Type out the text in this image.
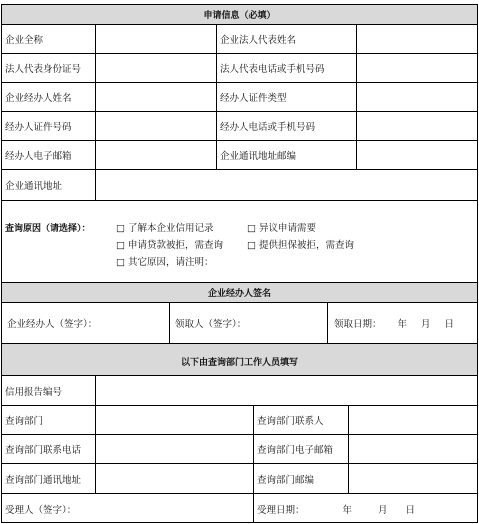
申请信息（必填）
企业全称	企业法人代表姓名
法人代表身份证号	法人代表电话或手机号码
企业经办人姓名	经办人证件类型
经办人证件号码	经办人电话或手机号码
经办人电子邮箱	企业通讯地址邮编
企业通讯地址
查询原因（请选择）：	□ 了解本企业信用记录	□ 异议申请需要
□ 申请贷款被拒，需查询	□ 提供担保被拒，需查询
□ 其它原因，请注明：
企业经办人签名
企业经办人（签字）：	领取人（签字）：	领取日期： 年 月 日
以下由查询部门工作人员填写
信用报告编号
查询部门	查询部门联系人
查询部门联系电话	查询部门电子邮箱
查询部门通讯地址	查询部门邮编
受理人（签字）：	受理日期：	年	月 日
